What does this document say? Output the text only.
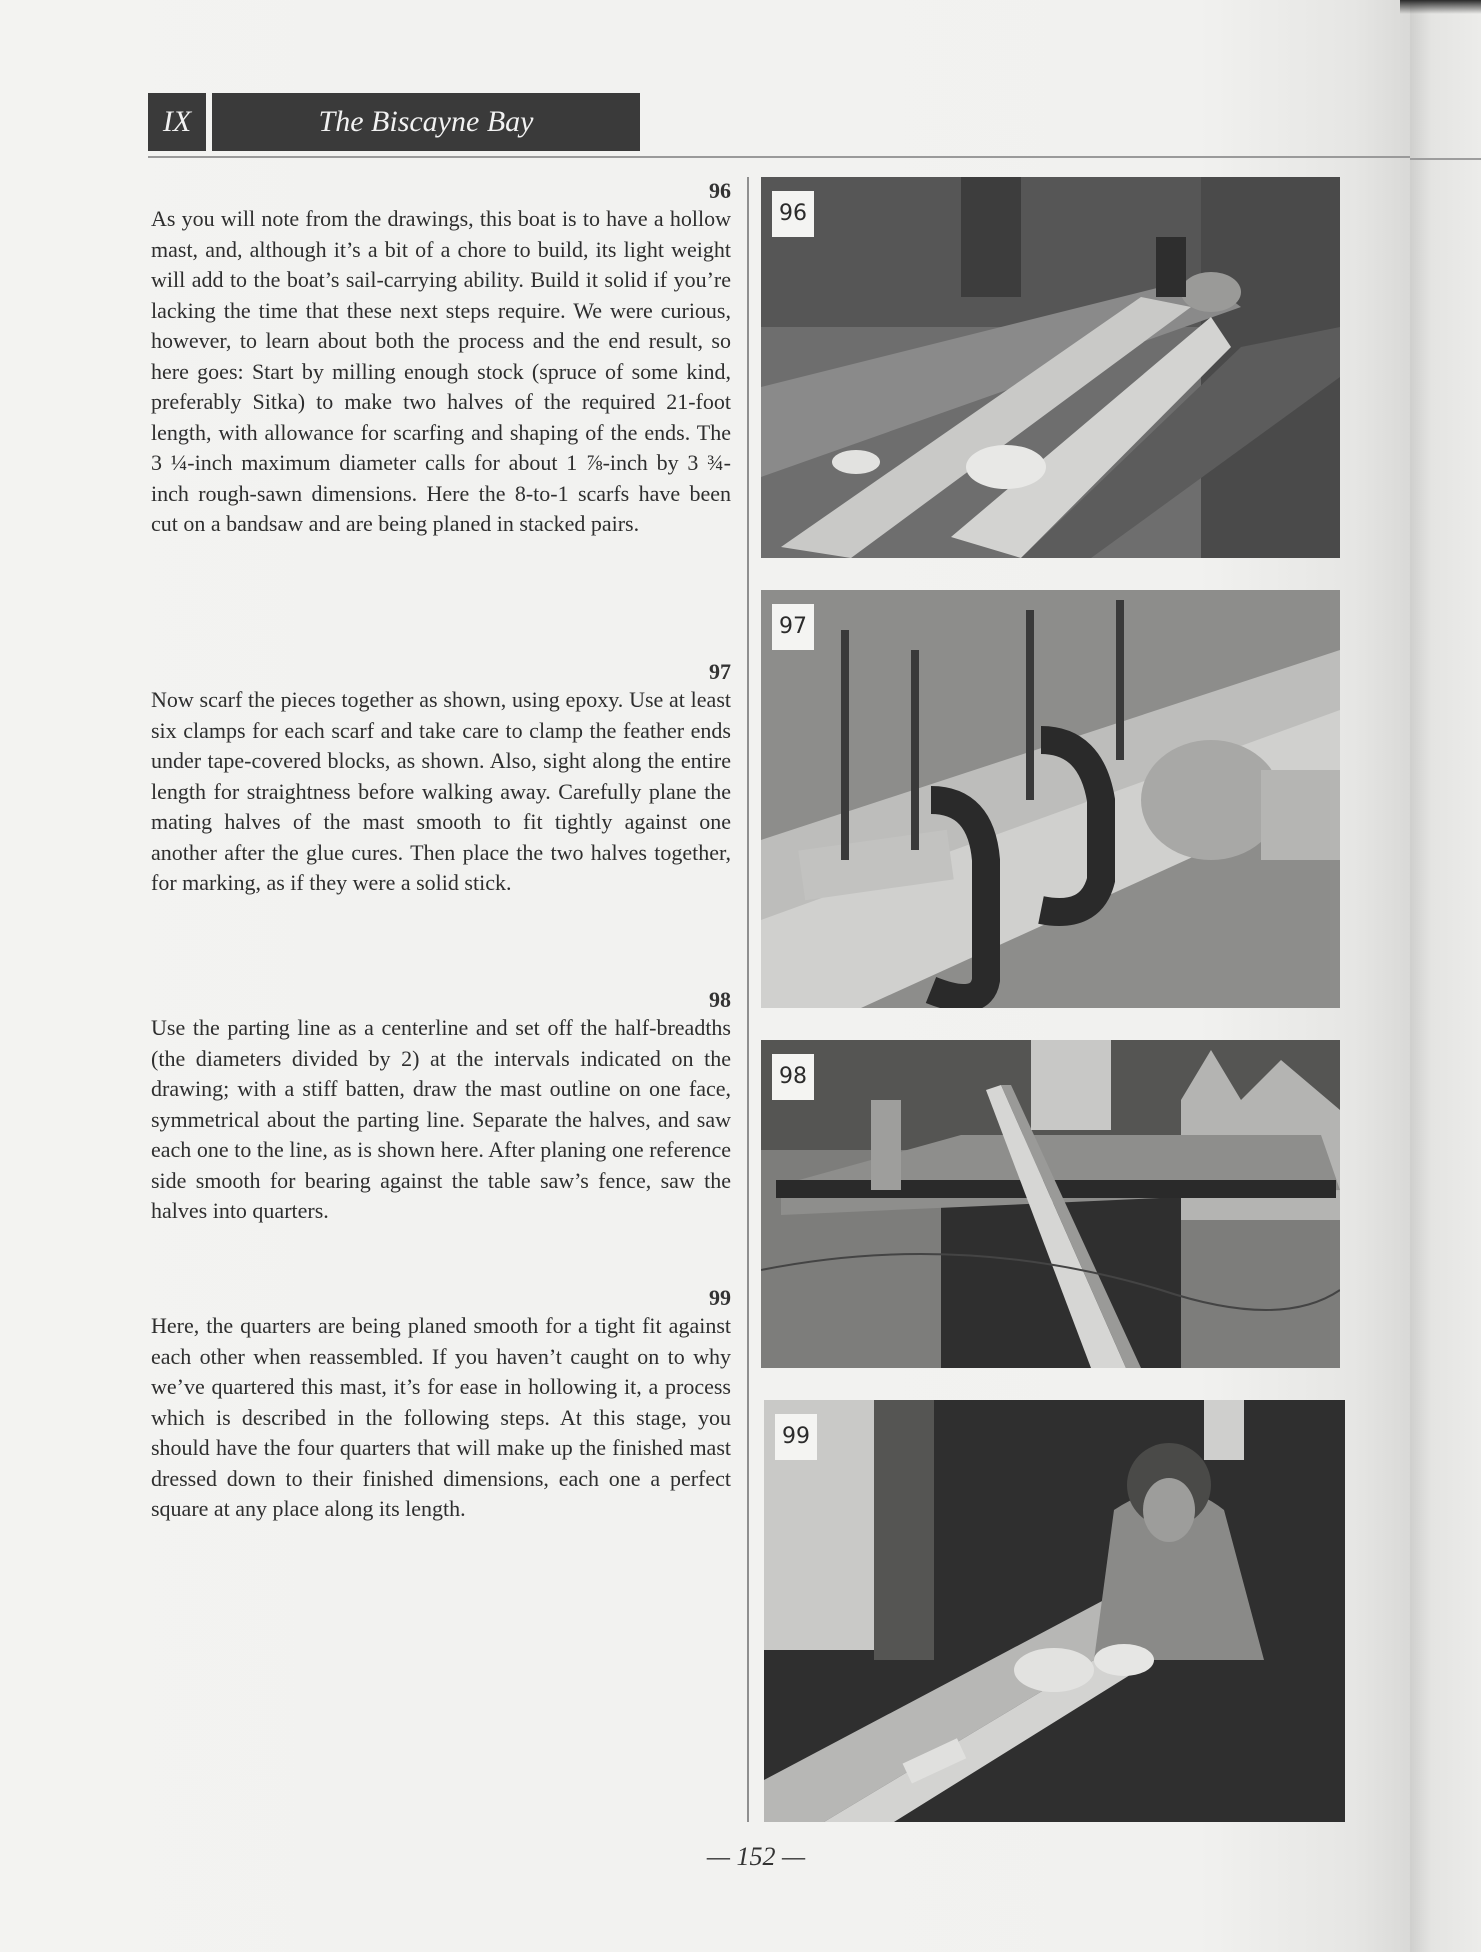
IX	The Biscayne Bay
96

As you will note from the drawings, this boat is to have a hollow mast, and, although it’s a bit of a chore to build, its light weight will add to the boat’s sail-carrying ability. Build it solid if you’re lacking the time that these next steps require. We were curious, however, to learn about both the process and the end result, so here goes: Start by milling enough stock (spruce of some kind, preferably Sitka) to make two halves of the required 21-foot length, with allowance for scarfing and shaping of the ends. The 3 ¼-inch maximum diameter calls for about 1 ⅞-inch by 3 ¾-inch rough-sawn dimensions. Here the 8-to-1 scarfs have been cut on a bandsaw and are being planed in stacked pairs.

97

Now scarf the pieces together as shown, using epoxy. Use at least six clamps for each scarf and take care to clamp the feather ends under tape-covered blocks, as shown. Also, sight along the entire length for straightness before walking away. Carefully plane the mating halves of the mast smooth to fit tightly against one another after the glue cures. Then place the two halves together, for marking, as if they were a solid stick.

98

Use the parting line as a centerline and set off the half-breadths (the diameters divided by 2) at the intervals indicated on the drawing; with a stiff batten, draw the mast outline on one face, symmetrical about the parting line. Separate the halves, and saw each one to the line, as is shown here. After planing one reference side smooth for bearing against the table saw’s fence, saw the halves into quarters.

99

Here, the quarters are being planed smooth for a tight fit against each other when reassembled. If you haven’t caught on to why we’ve quartered this mast, it’s for ease in hollowing it, a process which is described in the following steps. At this stage, you should have the four quarters that will make up the finished mast dressed down to their finished dimensions, each one a perfect square at any place along its length.

96
97
98
99
— 152 —
